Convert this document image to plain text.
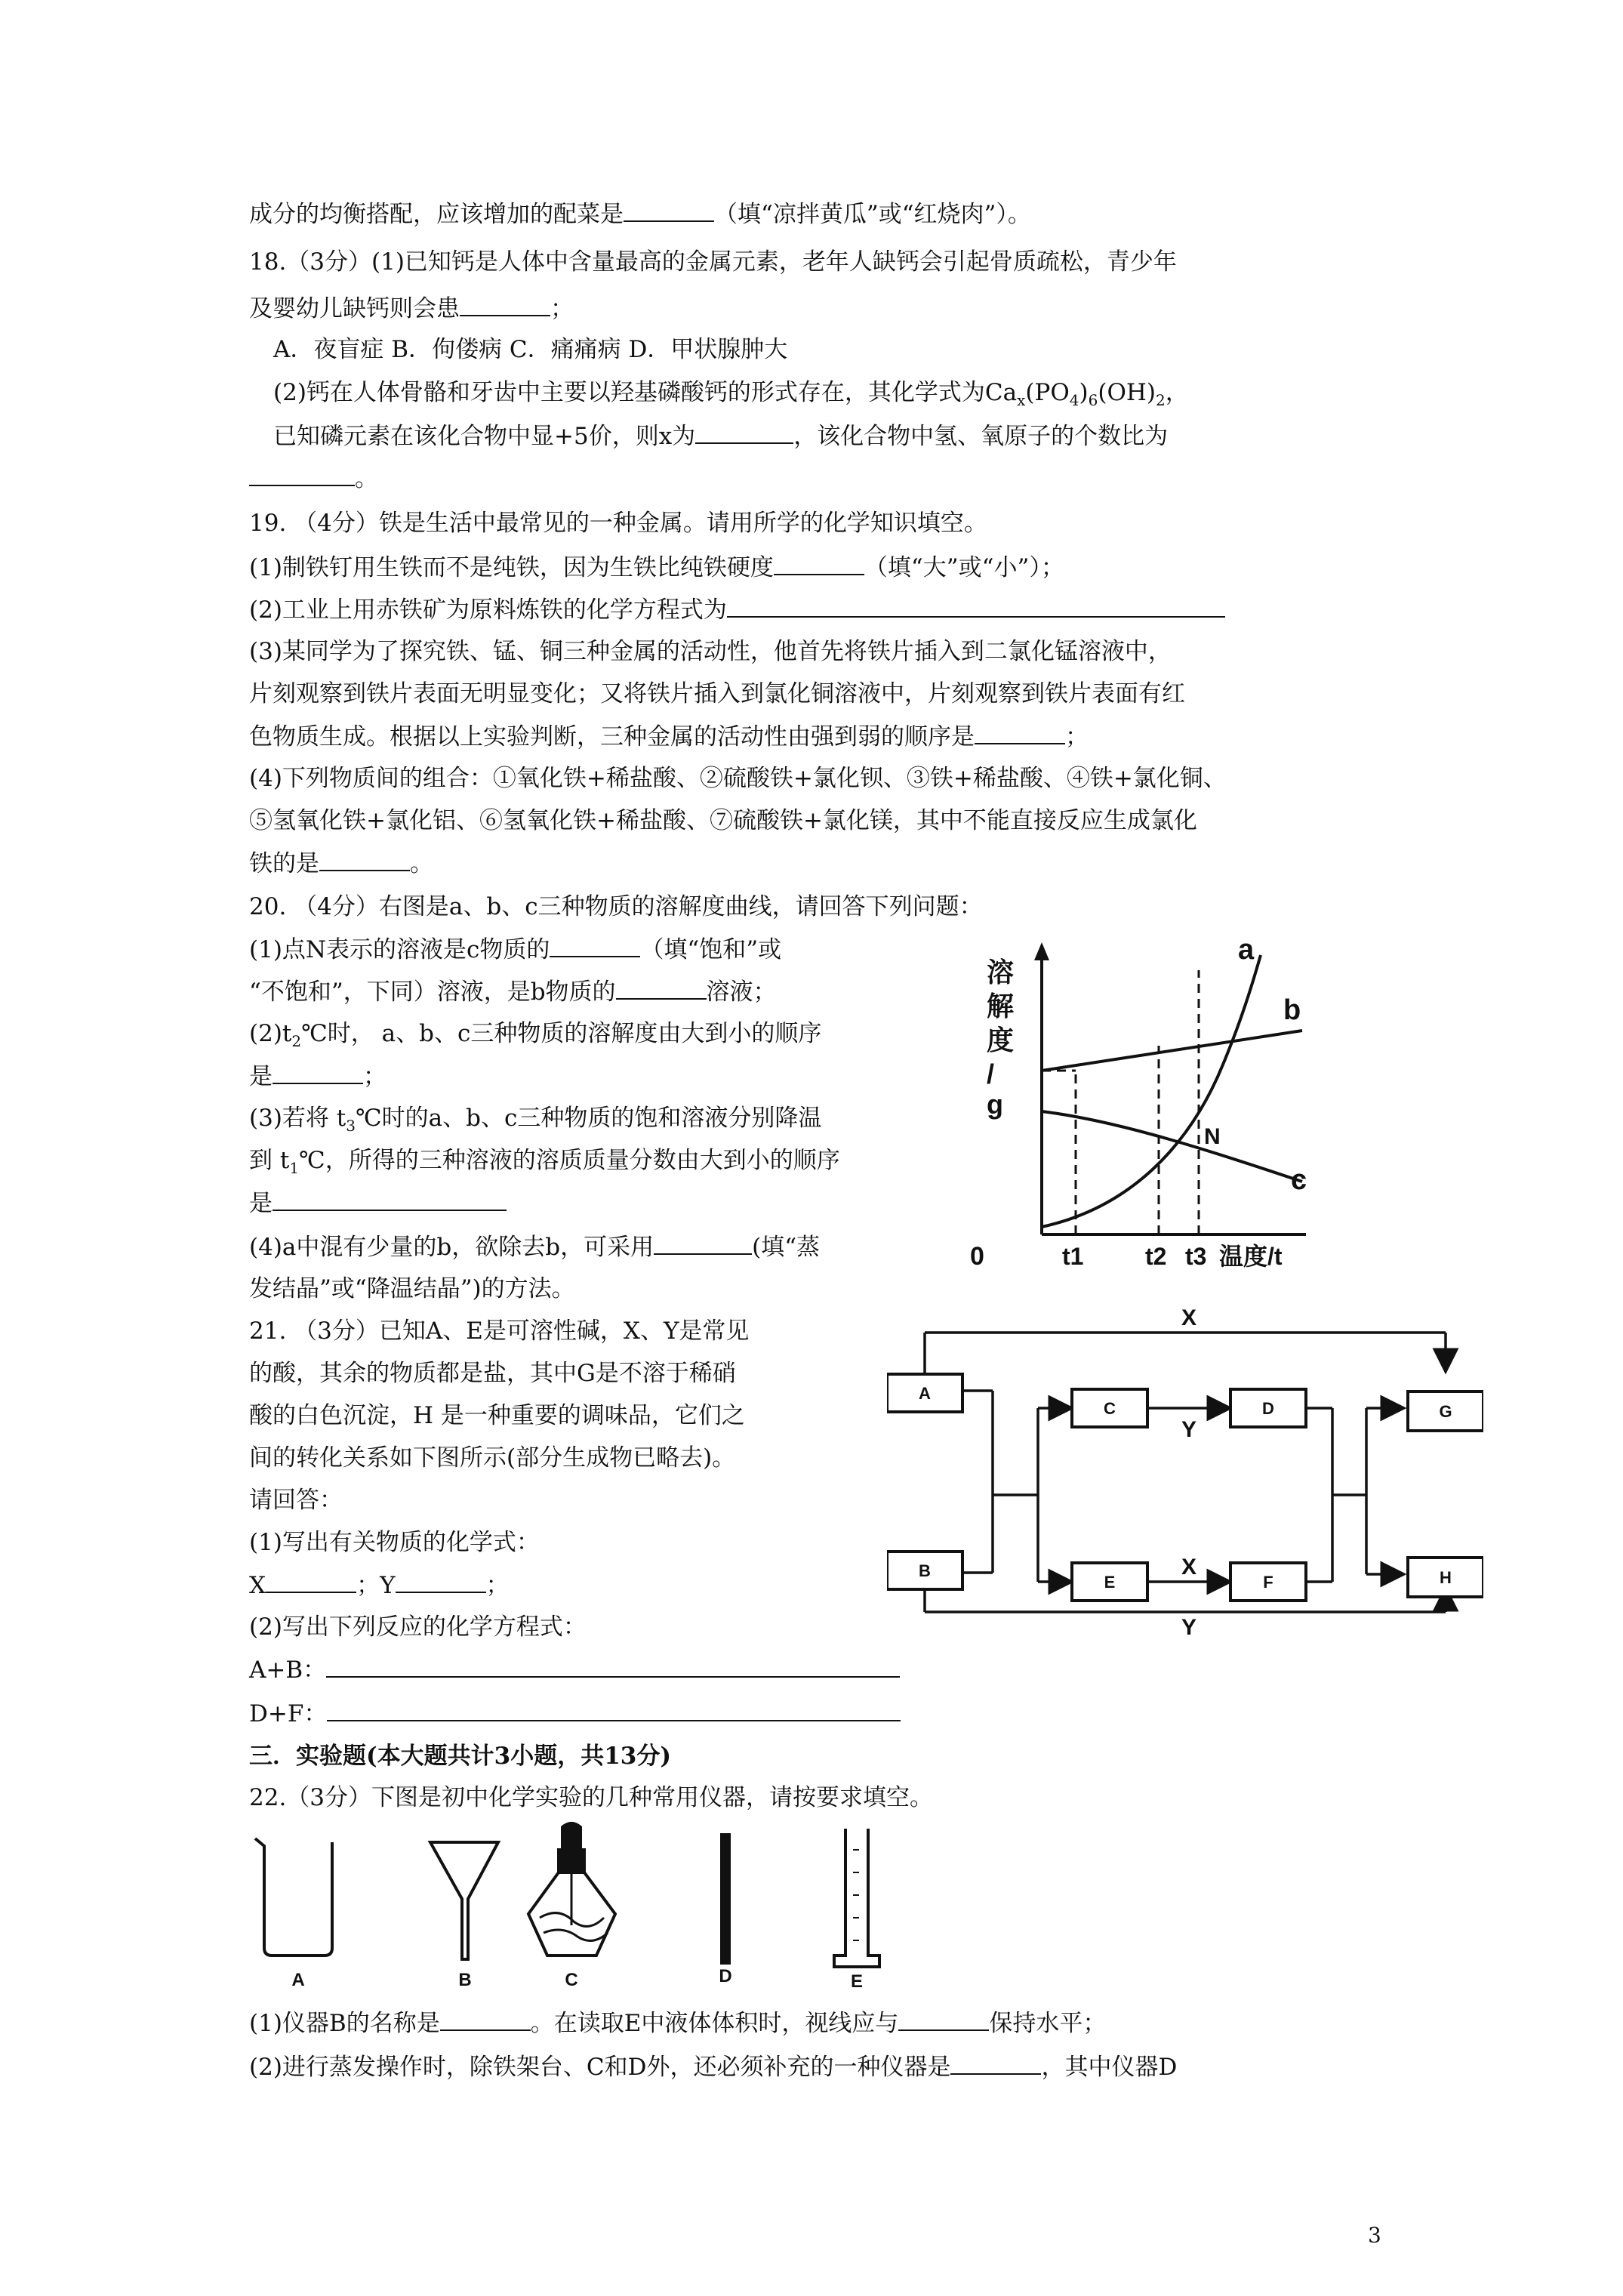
成分的均衡搭配，应该增加的配菜是	（填“凉拌黄瓜”或“红烧肉”）。
18.（3分）(1)已知钙是人体中含量最高的金属元素，老年人缺钙会引起骨质疏松，青少年
及婴幼儿缺钙则会患	；
A．夜盲症 B．佝偻病 C．痛痛病 D．甲状腺肿大
(2)钙在人体骨骼和牙齿中主要以羟基磷酸钙的形式存在，其化学式为$Ca_x(PO_4)_6(OH)_2$，
已知磷元素在该化合物中显+5价，则x为	，该化合物中氢、氧原子的个数比为
。
19. （4分）铁是生活中最常见的一种金属。请用所学的化学知识填空。
(1)制铁钉用生铁而不是纯铁，因为生铁比纯铁硬度	（填“大”或“小”）；
(2)工业上用赤铁矿为原料炼铁的化学方程式为
(3)某同学为了探究铁、锰、铜三种金属的活动性，他首先将铁片插入到二氯化锰溶液中，
片刻观察到铁片表面无明显变化；又将铁片插入到氯化铜溶液中，片刻观察到铁片表面有红
色物质生成。根据以上实验判断，三种金属的活动性由强到弱的顺序是	；
(4)下列物质间的组合：①氧化铁+稀盐酸、②硫酸铁+氯化钡、③铁+稀盐酸、④铁+氯化铜、
⑤氢氧化铁+氯化铝、⑥氢氧化铁+稀盐酸、⑦硫酸铁+氯化镁，其中不能直接反应生成氯化
铁的是	。
20. （4分）右图是a、b、c三种物质的溶解度曲线，请回答下列问题：
(1)点N表示的溶液是c物质的	（填“饱和”或
“不饱和”，下同）溶液，是b物质的	溶液；
$(2)t_2℃$时， a、b、c三种物质的溶解度由大到小的顺序
是	；
(3)若将 $t_3℃$时的a、b、c三种物质的饱和溶液分别降温
到 $t_1℃$，所得的三种溶液的溶质质量分数由大到小的顺序
是
(4)a中混有少量的b，欲除去b，可采用	(填“蒸
发结晶”或“降温结晶”)的方法。
a
b
c
N
溶
解
度
/
g
0	t1	t2 t3 温度/t
21. （3分）已知A、E是可溶性碱，X、Y是常见
的酸，其余的物质都是盐，其中G是不溶于稀硝
酸的白色沉淀，H 是一种重要的调味品，它们之
间的转化关系如下图所示(部分生成物已略去)。
请回答：
(1)写出有关物质的化学式：
X	；Y	；
(2)写出下列反应的化学方程式：
A+B：
D+F：
A
B
C	D
E	F
G
H
X
Y
X
Y
三．实验题(本大题共计3小题，共13分)
22.（3分）下图是初中化学实验的几种常用仪器，请按要求填空。
A	B	C	D	E
(1)仪器B的名称是	。在读取E中液体体积时，视线应与	保持水平；
(2)进行蒸发操作时，除铁架台、C和D外，还必须补充的一种仪器是	，其中仪器D
3
